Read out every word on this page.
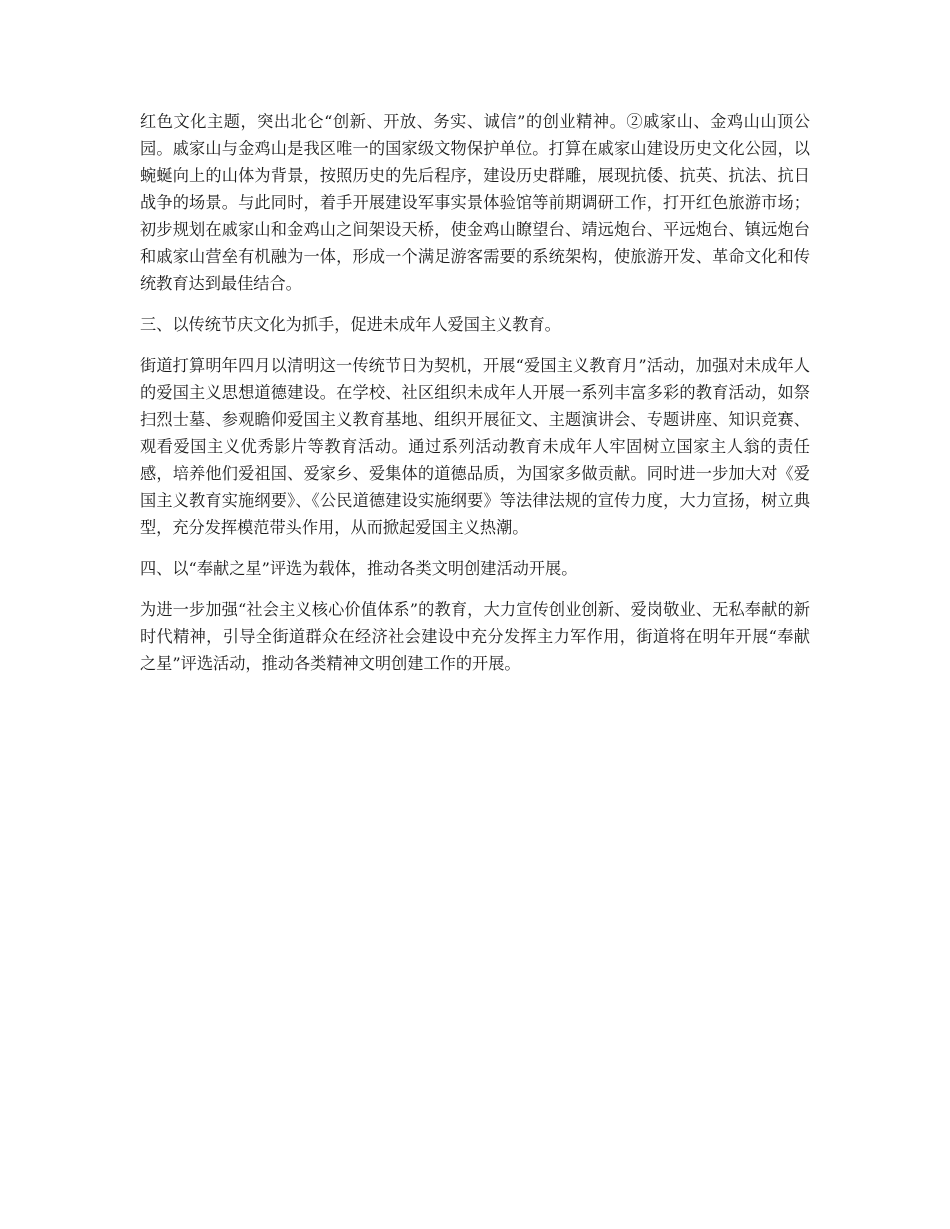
红色文化主题，突出北仑“创新、开放、务实、诚信”的创业精神。②戚家山、金鸡山山顶公园。戚家山与金鸡山是我区唯一的国家级文物保护单位。打算在戚家山建设历史文化公园，以蜿蜒向上的山体为背景，按照历史的先后程序，建设历史群雕，展现抗倭、抗英、抗法、抗日战争的场景。与此同时，着手开展建设军事实景体验馆等前期调研工作，打开红色旅游市场；初步规划在戚家山和金鸡山之间架设天桥，使金鸡山瞭望台、靖远炮台、平远炮台、镇远炮台和戚家山营垒有机融为一体，形成一个满足游客需要的系统架构，使旅游开发、革命文化和传统教育达到最佳结合。

三、以传统节庆文化为抓手，促进未成年人爱国主义教育。

街道打算明年四月以清明这一传统节日为契机，开展“爱国主义教育月”活动，加强对未成年人的爱国主义思想道德建设。在学校、社区组织未成年人开展一系列丰富多彩的教育活动，如祭扫烈士墓、参观瞻仰爱国主义教育基地、组织开展征文、主题演讲会、专题讲座、知识竞赛、观看爱国主义优秀影片等教育活动。通过系列活动教育未成年人牢固树立国家主人翁的责任感，培养他们爱祖国、爱家乡、爱集体的道德品质，为国家多做贡献。同时进一步加大对《爱国主义教育实施纲要》、《公民道德建设实施纲要》等法律法规的宣传力度，大力宣扬，树立典型，充分发挥模范带头作用，从而掀起爱国主义热潮。

四、以“奉献之星”评选为载体，推动各类文明创建活动开展。

为进一步加强“社会主义核心价值体系”的教育，大力宣传创业创新、爱岗敬业、无私奉献的新时代精神，引导全街道群众在经济社会建设中充分发挥主力军作用，街道将在明年开展“奉献之星”评选活动，推动各类精神文明创建工作的开展。
